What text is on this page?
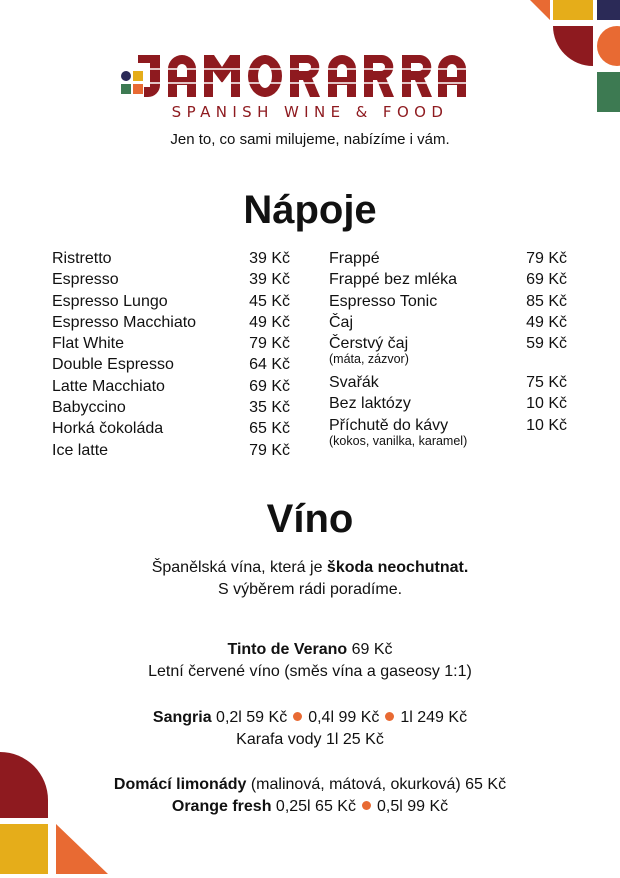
SPANISH WINE & FOOD
Jen to, co sami milujeme, nabízíme i vám.
Nápoje
Ristretto	39 Kč
Espresso	39 Kč
Espresso Lungo	45 Kč
Espresso Macchiato	49 Kč
Flat White	79 Kč
Double Espresso	64 Kč
Latte Macchiato	69 Kč
Babyccino	35 Kč
Horká čokoláda	65 Kč
Ice latte	79 Kč
Frappé	79 Kč
Frappé bez mléka	69 Kč
Espresso Tonic	85 Kč
Čaj	49 Kč
Čerstvý čaj	59 Kč
(máta, zázvor)
Svařák	75 Kč
Bez laktózy	10 Kč
Příchutě do kávy	10 Kč
(kokos, vanilka, karamel)
Víno
Španělská vína, která je škoda neochutnat.
S výběrem rádi poradíme.
Tinto de Verano 69 Kč
Letní červené víno (směs vína a gaseosy 1:1)
Sangria 0,2l 59 Kč 0,4l 99 Kč 1l 249 Kč
Karafa vody 1l 25 Kč
Domácí limonády (malinová, mátová, okurková) 65 Kč
Orange fresh 0,25l 65 Kč 0,5l 99 Kč
